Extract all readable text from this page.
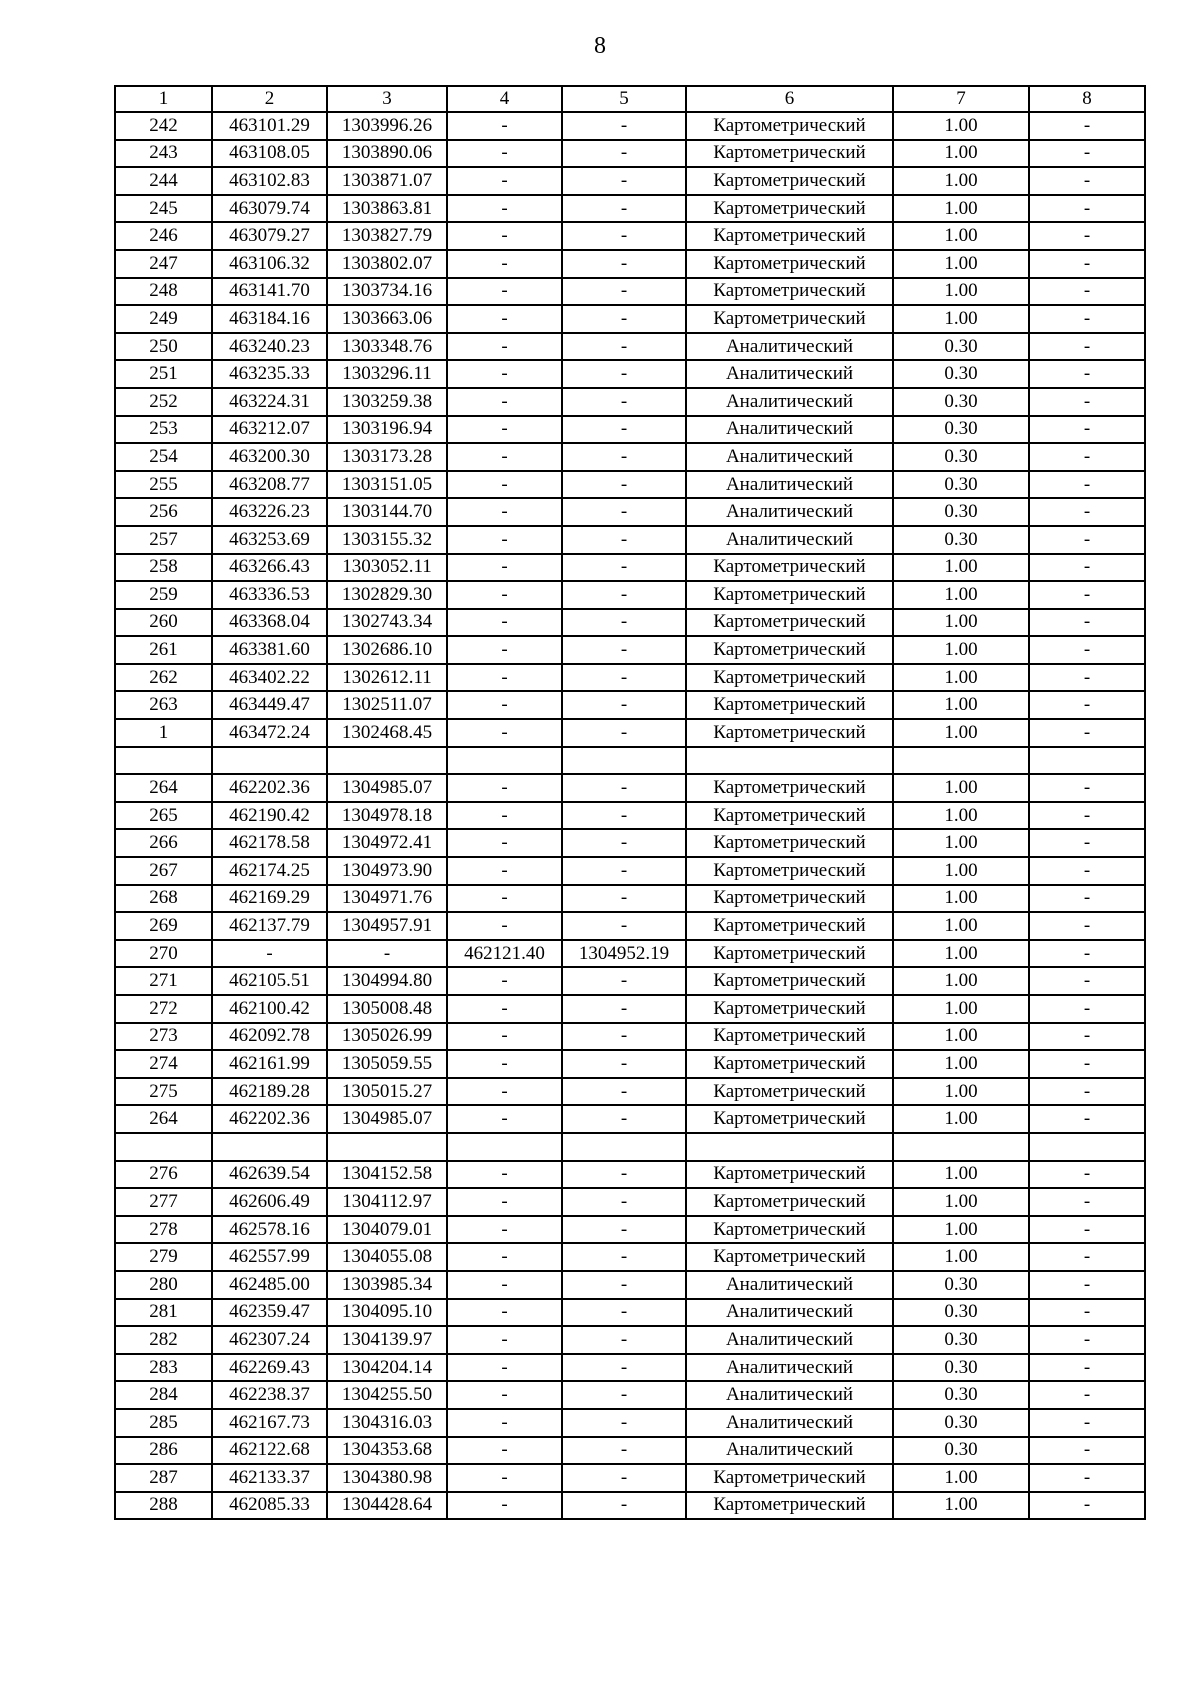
8
1	2	3	4	5	6	7	8
242	463101.29	1303996.26	-	-	Картометрический	1.00	-
243	463108.05	1303890.06	-	-	Картометрический	1.00	-
244	463102.83	1303871.07	-	-	Картометрический	1.00	-
245	463079.74	1303863.81	-	-	Картометрический	1.00	-
246	463079.27	1303827.79	-	-	Картометрический	1.00	-
247	463106.32	1303802.07	-	-	Картометрический	1.00	-
248	463141.70	1303734.16	-	-	Картометрический	1.00	-
249	463184.16	1303663.06	-	-	Картометрический	1.00	-
250	463240.23	1303348.76	-	-	Аналитический	0.30	-
251	463235.33	1303296.11	-	-	Аналитический	0.30	-
252	463224.31	1303259.38	-	-	Аналитический	0.30	-
253	463212.07	1303196.94	-	-	Аналитический	0.30	-
254	463200.30	1303173.28	-	-	Аналитический	0.30	-
255	463208.77	1303151.05	-	-	Аналитический	0.30	-
256	463226.23	1303144.70	-	-	Аналитический	0.30	-
257	463253.69	1303155.32	-	-	Аналитический	0.30	-
258	463266.43	1303052.11	-	-	Картометрический	1.00	-
259	463336.53	1302829.30	-	-	Картометрический	1.00	-
260	463368.04	1302743.34	-	-	Картометрический	1.00	-
261	463381.60	1302686.10	-	-	Картометрический	1.00	-
262	463402.22	1302612.11	-	-	Картометрический	1.00	-
263	463449.47	1302511.07	-	-	Картометрический	1.00	-
1	463472.24	1302468.45	-	-	Картометрический	1.00	-

264	462202.36	1304985.07	-	-	Картометрический	1.00	-
265	462190.42	1304978.18	-	-	Картометрический	1.00	-
266	462178.58	1304972.41	-	-	Картометрический	1.00	-
267	462174.25	1304973.90	-	-	Картометрический	1.00	-
268	462169.29	1304971.76	-	-	Картометрический	1.00	-
269	462137.79	1304957.91	-	-	Картометрический	1.00	-
270	-	-	462121.40	1304952.19	Картометрический	1.00	-
271	462105.51	1304994.80	-	-	Картометрический	1.00	-
272	462100.42	1305008.48	-	-	Картометрический	1.00	-
273	462092.78	1305026.99	-	-	Картометрический	1.00	-
274	462161.99	1305059.55	-	-	Картометрический	1.00	-
275	462189.28	1305015.27	-	-	Картометрический	1.00	-
264	462202.36	1304985.07	-	-	Картометрический	1.00	-

276	462639.54	1304152.58	-	-	Картометрический	1.00	-
277	462606.49	1304112.97	-	-	Картометрический	1.00	-
278	462578.16	1304079.01	-	-	Картометрический	1.00	-
279	462557.99	1304055.08	-	-	Картометрический	1.00	-
280	462485.00	1303985.34	-	-	Аналитический	0.30	-
281	462359.47	1304095.10	-	-	Аналитический	0.30	-
282	462307.24	1304139.97	-	-	Аналитический	0.30	-
283	462269.43	1304204.14	-	-	Аналитический	0.30	-
284	462238.37	1304255.50	-	-	Аналитический	0.30	-
285	462167.73	1304316.03	-	-	Аналитический	0.30	-
286	462122.68	1304353.68	-	-	Аналитический	0.30	-
287	462133.37	1304380.98	-	-	Картометрический	1.00	-
288	462085.33	1304428.64	-	-	Картометрический	1.00	-
